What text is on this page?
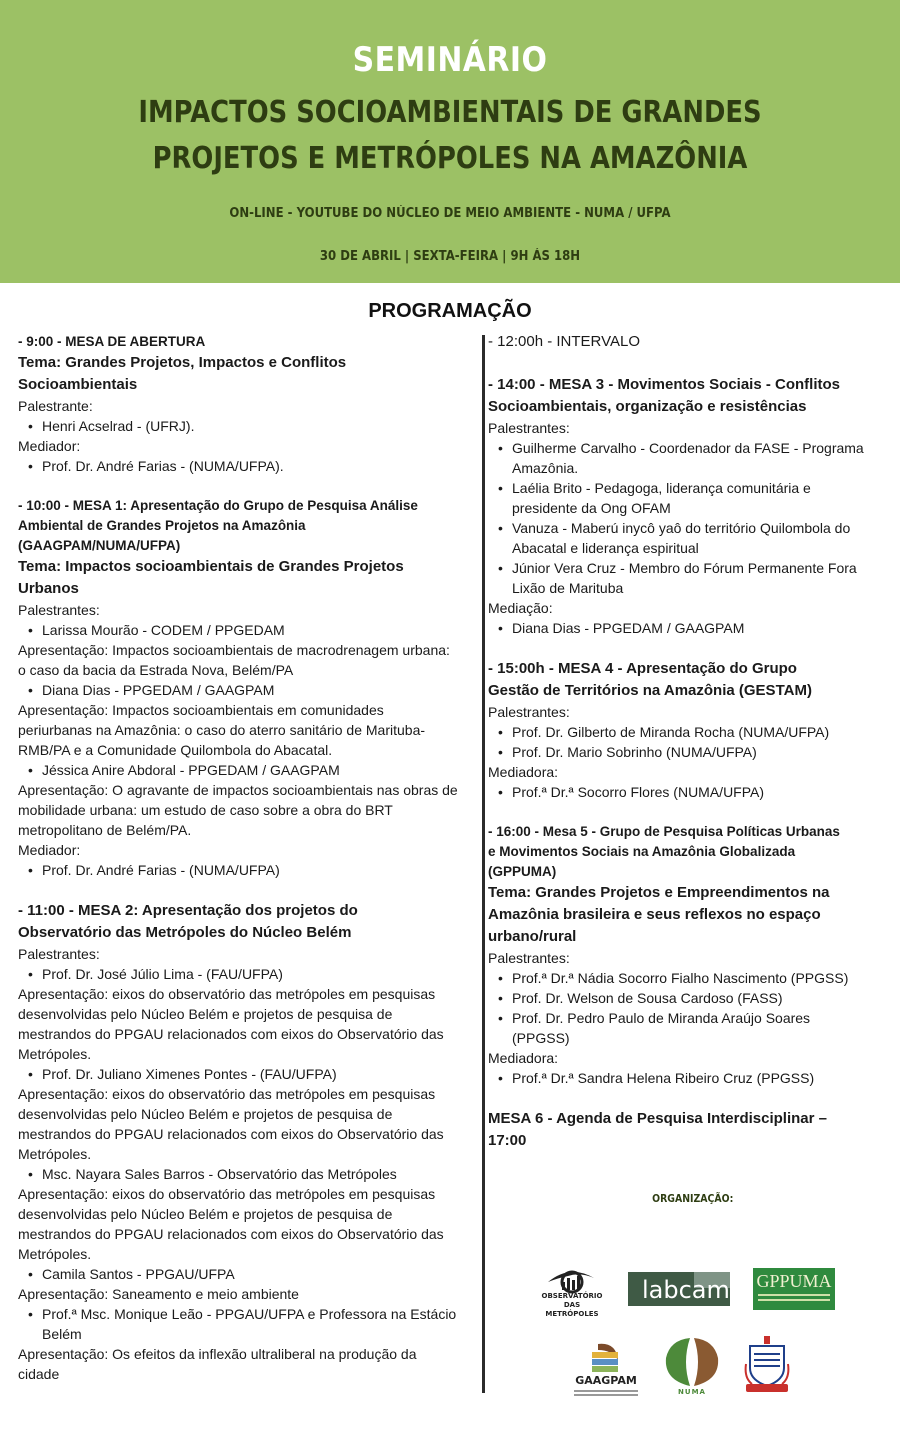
SEMINÁRIO
IMPACTOS SOCIOAMBIENTAIS DE GRANDES
PROJETOS E METRÓPOLES NA AMAZÔNIA
ON-LINE - YOUTUBE DO NÚCLEO DE MEIO AMBIENTE - NUMA / UFPA
30 DE ABRIL | SEXTA-FEIRA | 9H ÁS 18H
PROGRAMAÇÃO
- 9:00 - MESA DE ABERTURA
Tema: Grandes Projetos, Impactos e Conflitos
Socioambientais
Palestrante:
• Henri Acselrad - (UFRJ).
Mediador:
• Prof. Dr. André Farias - (NUMA/UFPA).
- 10:00 - MESA 1: Apresentação do Grupo de Pesquisa Análise
Ambiental de Grandes Projetos na Amazônia
(GAAGPAM/NUMA/UFPA)
Tema: Impactos socioambientais de Grandes Projetos
Urbanos
Palestrantes:
• Larissa Mourão - CODEM / PPGEDAM
Apresentação: Impactos socioambientais de macrodrenagem urbana:
o caso da bacia da Estrada Nova, Belém/PA
• Diana Dias - PPGEDAM / GAAGPAM
Apresentação: Impactos socioambientais em comunidades
periurbanas na Amazônia: o caso do aterro sanitário de Marituba-
RMB/PA e a Comunidade Quilombola do Abacatal.
• Jéssica Anire Abdoral - PPGEDAM / GAAGPAM
Apresentação: O agravante de impactos socioambientais nas obras de
mobilidade urbana: um estudo de caso sobre a obra do BRT
metropolitano de Belém/PA.
Mediador:
• Prof. Dr. André Farias - (NUMA/UFPA)
- 11:00 - MESA 2: Apresentação dos projetos do
Observatório das Metrópoles do Núcleo Belém
Palestrantes:
• Prof. Dr. José Júlio Lima - (FAU/UFPA)
Apresentação: eixos do observatório das metrópoles em pesquisas
desenvolvidas pelo Núcleo Belém e projetos de pesquisa de
mestrandos do PPGAU relacionados com eixos do Observatório das
Metrópoles.
• Prof. Dr. Juliano Ximenes Pontes - (FAU/UFPA)
Apresentação: eixos do observatório das metrópoles em pesquisas
desenvolvidas pelo Núcleo Belém e projetos de pesquisa de
mestrandos do PPGAU relacionados com eixos do Observatório das
Metrópoles.
• Msc. Nayara Sales Barros - Observatório das Metrópoles
Apresentação: eixos do observatório das metrópoles em pesquisas
desenvolvidas pelo Núcleo Belém e projetos de pesquisa de
mestrandos do PPGAU relacionados com eixos do Observatório das
Metrópoles.
• Camila Santos - PPGAU/UFPA
Apresentação: Saneamento e meio ambiente
• Prof.ª Msc. Monique Leão - PPGAU/UFPA e Professora na Estácio
Belém
Apresentação: Os efeitos da inflexão ultraliberal na produção da
cidade
- 12:00h - INTERVALO
- 14:00 - MESA 3 - Movimentos Sociais - Conflitos
Socioambientais, organização e resistências
Palestrantes:
• Guilherme Carvalho - Coordenador da FASE - Programa
Amazônia.
• Laélia Brito - Pedagoga, liderança comunitária e
presidente da Ong OFAM
• Vanuza - Maberú inycô yaô do território Quilombola do
Abacatal e liderança espiritual
• Júnior Vera Cruz - Membro do Fórum Permanente Fora
Lixão de Marituba
Mediação:
• Diana Dias - PPGEDAM / GAAGPAM
- 15:00h - MESA 4 - Apresentação do Grupo
Gestão de Territórios na Amazônia (GESTAM)
Palestrantes:
• Prof. Dr. Gilberto de Miranda Rocha (NUMA/UFPA)
• Prof. Dr. Mario Sobrinho (NUMA/UFPA)
Mediadora:
• Prof.ª Dr.ª Socorro Flores (NUMA/UFPA)
- 16:00 - Mesa 5 - Grupo de Pesquisa Políticas Urbanas
e Movimentos Sociais na Amazônia Globalizada
(GPPUMA)
Tema: Grandes Projetos e Empreendimentos na
Amazônia brasileira e seus reflexos no espaço
urbano/rural
Palestrantes:
• Prof.ª Dr.ª Nádia Socorro Fialho Nascimento (PPGSS)
• Prof. Dr. Welson de Sousa Cardoso (FASS)
• Prof. Dr. Pedro Paulo de Miranda Araújo Soares
(PPGSS)
Mediadora:
• Prof.ª Dr.ª Sandra Helena Ribeiro Cruz (PPGSS)
MESA 6 - Agenda de Pesquisa Interdisciplinar –
17:00
ORGANIZAÇÃO:
OBSERVATÓRIO
DAS METRÓPOLES
labcam GPPUMA
GAAGPAM
NUMA
